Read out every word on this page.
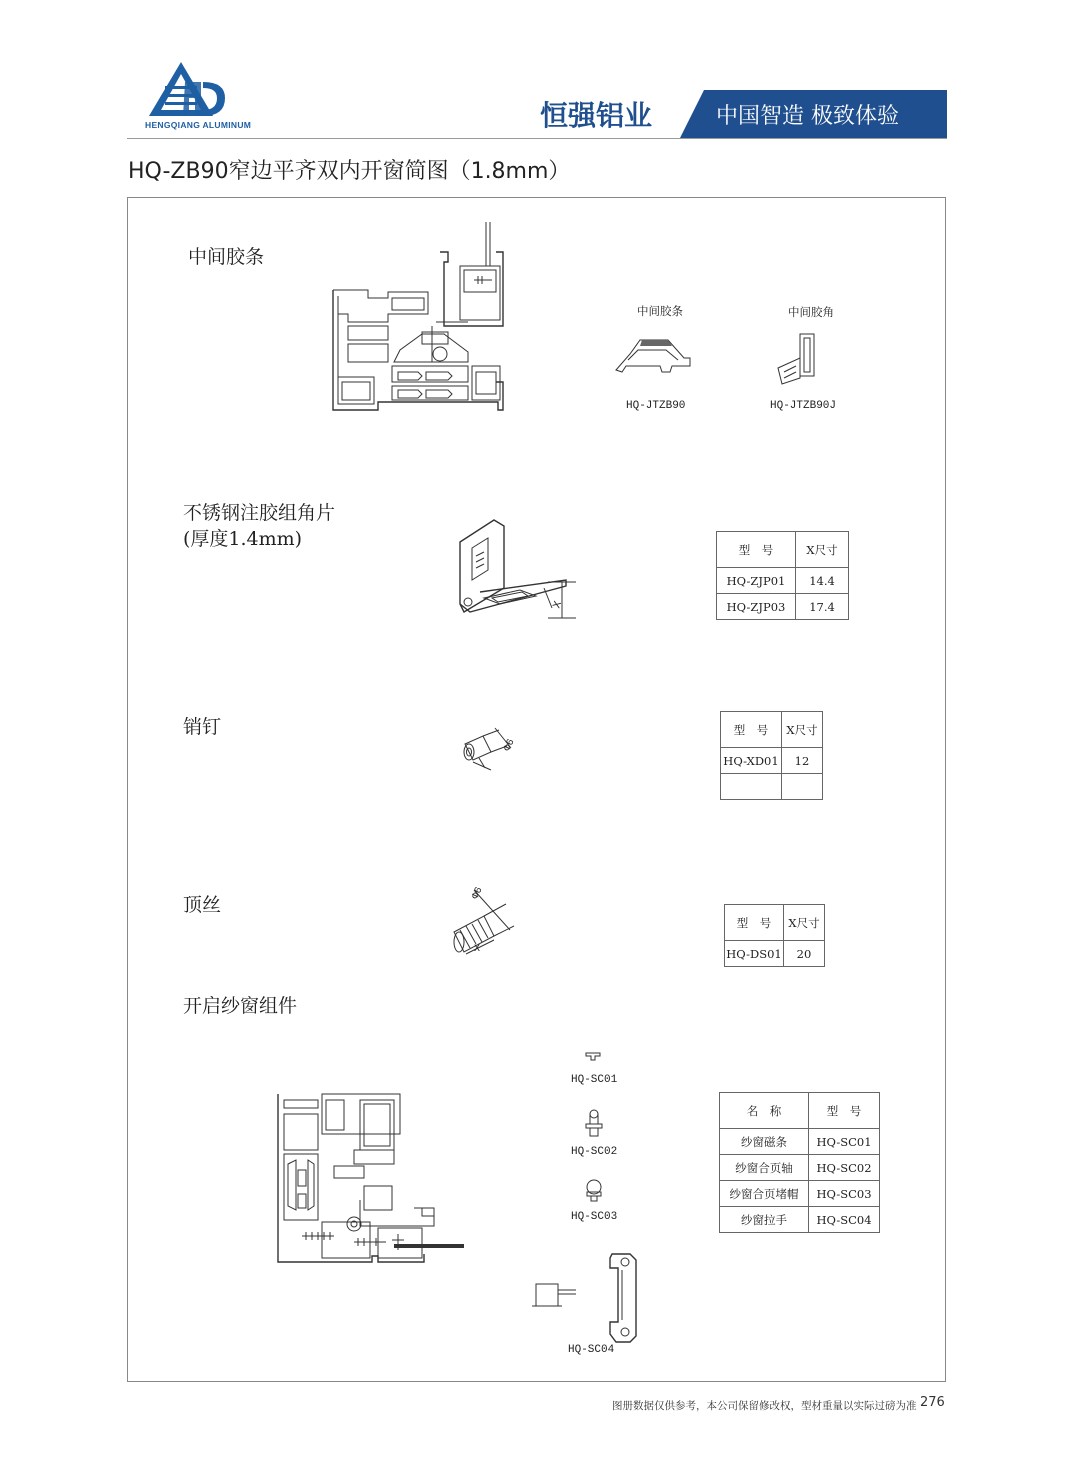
HENGQIANG ALUMINUM	恒强铝业	中国智造 极致体验
HQ-ZB90窄边平齐双内开窗简图（1.8mm）
中间胶条
中间胶条
HQ-JTZB90
中间胶角
HQ-JTZB90J
不锈钢注胶组角片
(厚度1.4mm)
X
型　号	X尺寸
HQ-ZJP01	14.4
HQ-ZJP03	17.4
销钉
Φ6
型　号	X尺寸
HQ-XD01	12

顶丝
Φ6
X
型　号	X尺寸
HQ-DS01	20
开启纱窗组件
HQ-SC01
HQ-SC02
HQ-SC03
HQ-SC04
名　称	型　号
纱窗磁条	HQ-SC01
纱窗合页轴	HQ-SC02
纱窗合页堵帽	HQ-SC03
纱窗拉手	HQ-SC04
图册数据仅供参考，本公司保留修改权，型材重量以实际过磅为准 276
